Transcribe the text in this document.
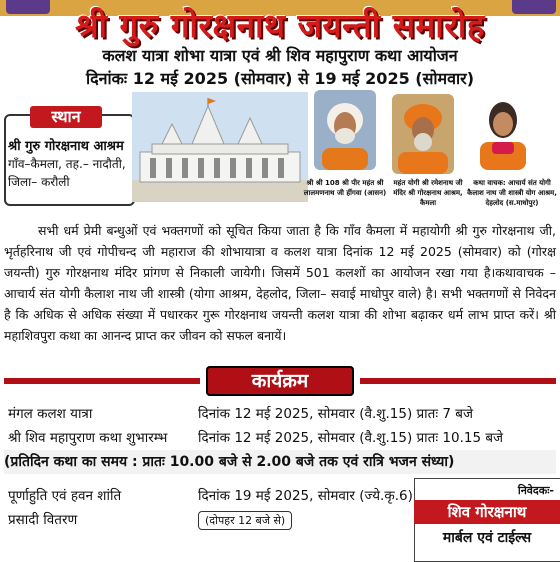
श्री गुरु गोरक्षनाथ जयन्ती समारोह
कलश यात्रा शोभा यात्रा एवं श्री शिव महापुराण कथा आयोजन
दिनांकः 12 मई 2025 (सोमवार) से 19 मई 2025 (सोमवार)
स्थान
श्री गुरु गोरक्षनाथ आश्रम
गाँव–कैमला, तह.– नादौती, जिला– करौली	श्री श्री 108 श्री पीर महंत श्री लालमणनाथ जी हींगवा (आसन)
महंत योगी श्री रमेशनाथ जी मंदिर श्री गोरक्षनाथ आश्रम, कैमला
कथा वाचक: आचार्य संत योगी कैलाश नाथ जी शास्त्री योग आश्रम, देहलोद (स.माधोपुर)
सभी धर्म प्रेमी बन्धुओं एवं भक्तगणों को सूचित किया जाता है कि गाँव कैमला में महायोगी श्री गुरु गोरक्षनाथ जी, भृर्तहरिनाथ जी एवं गोपीचन्द जी महाराज की शोभायात्रा व कलश यात्रा दिनांक 12 मई 2025 (सोमवार) को (गोरक्ष जयन्ती) गुरु गोरक्षनाथ मंदिर प्रांगण से निकाली जायेगी। जिसमें 501 कलशों का आयोजन रखा गया है।कथावाचक – आचार्य संत योगी कैलाश नाथ जी शास्त्री (योगा आश्रम, देहलोद, जिला– सवाई माधोपुर वाले) है। सभी भक्तगणों से निवेदन है कि अधिक से अधिक संख्या में पधारकर गुरू गोरक्षनाथ जयन्ती कलश यात्रा की शोभा बढ़ाकर धर्म लाभ प्राप्त करें। श्री महाशिवपुरा कथा का आनन्द प्राप्त कर जीवन को सफल बनायें।
कार्यक्रम
मंगल कलश यात्रा	दिनांक 12 मई 2025, सोमवार (वै.शु.15) प्रातः 7 बजे
श्री शिव महापुराण कथा शुभारम्भ दिनांक 12 मई 2025, सोमवार (वै.शु.15) प्रातः 10.15 बजे
(प्रतिदिन कथा का समय : प्रातः 10.00 बजे से 2.00 बजे तक एवं रात्रि भजन संध्या)
पूर्णाहुति एवं हवन शांति	दिनांक 19 मई 2025, सोमवार (ज्ये.कृ.6)
प्रसादी वितरण	(दोपहर 12 बजे से)
निवेदकः-
शिव गोरक्षनाथ
मार्बल एवं टाईल्स
